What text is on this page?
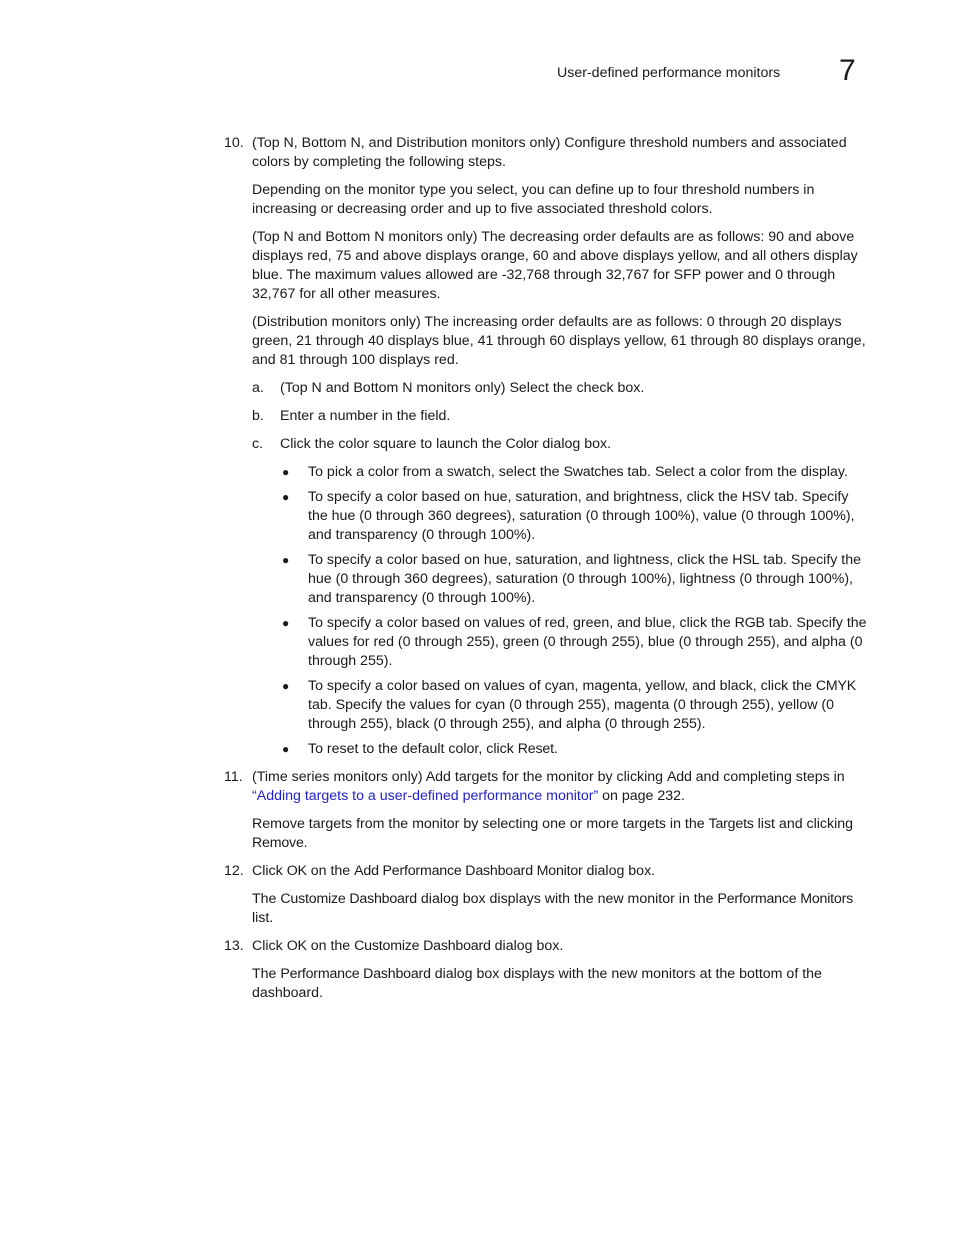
User-defined performance monitors 7
10. (Top N, Bottom N, and Distribution monitors only) Configure threshold numbers and associated colors by completing the following steps.

Depending on the monitor type you select, you can define up to four threshold numbers in increasing or decreasing order and up to five associated threshold colors.

(Top N and Bottom N monitors only) The decreasing order defaults are as follows: 90 and above displays red, 75 and above displays orange, 60 and above displays yellow, and all others display blue. The maximum values allowed are -32,768 through 32,767 for SFP power and 0 through 32,767 for all other measures.

(Distribution monitors only) The increasing order defaults are as follows: 0 through 20 displays green, 21 through 40 displays blue, 41 through 60 displays yellow, 61 through 80 displays orange, and 81 through 100 displays red.

a. (Top N and Bottom N monitors only) Select the check box.
b. Enter a number in the field.
c. Click the color square to launch the Color dialog box.
● To pick a color from a swatch, select the Swatches tab. Select a color from the display.
● To specify a color based on hue, saturation, and brightness, click the HSV tab. Specify the hue (0 through 360 degrees), saturation (0 through 100%), value (0 through 100%), and transparency (0 through 100%).
● To specify a color based on hue, saturation, and lightness, click the HSL tab. Specify the hue (0 through 360 degrees), saturation (0 through 100%), lightness (0 through 100%), and transparency (0 through 100%).
● To specify a color based on values of red, green, and blue, click the RGB tab. Specify the values for red (0 through 255), green (0 through 255), blue (0 through 255), and alpha (0 through 255).
● To specify a color based on values of cyan, magenta, yellow, and black, click the CMYK tab. Specify the values for cyan (0 through 255), magenta (0 through 255), yellow (0 through 255), black (0 through 255), and alpha (0 through 255).
● To reset to the default color, click Reset.
11. (Time series monitors only) Add targets for the monitor by clicking Add and completing steps in “Adding targets to a user-defined performance monitor” on page 232.

Remove targets from the monitor by selecting one or more targets in the Targets list and clicking Remove.

12. Click OK on the Add Performance Dashboard Monitor dialog box.

The Customize Dashboard dialog box displays with the new monitor in the Performance Monitors list.

13. Click OK on the Customize Dashboard dialog box.

The Performance Dashboard dialog box displays with the new monitors at the bottom of the dashboard.
